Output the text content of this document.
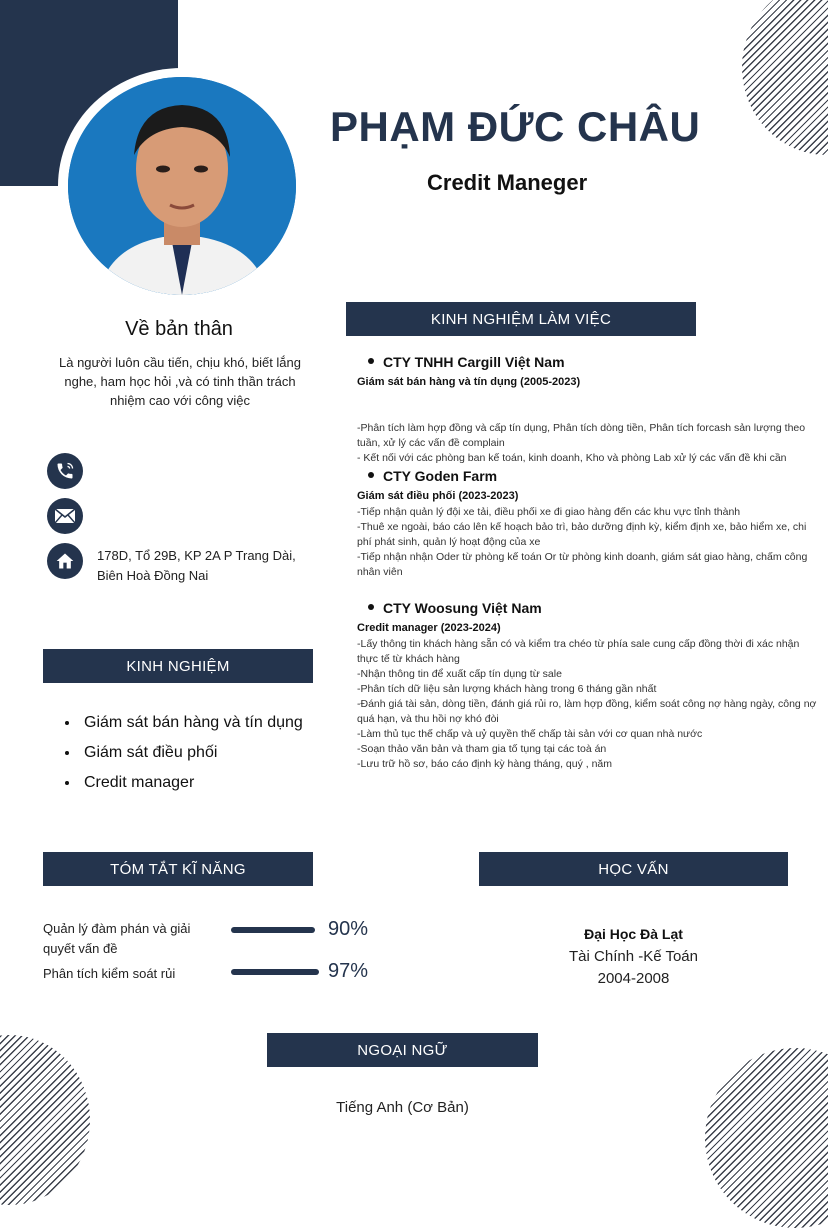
PHẠM ĐỨC CHÂU
Credit Maneger
Về bản thân
Là người luôn cầu tiến, chịu khó, biết lắng nghe, ham học hỏi ,và có tinh thần trách nhiệm cao với công việc
178D, Tổ 29B, KP 2A P Trang Dài, Biên Hoà Đồng Nai
KINH NGHIỆM LÀM VIỆC
CTY TNHH Cargill Việt Nam
Giám sát bán hàng và tín dụng (2005-2023)
-Phân tích làm hợp đồng và cấp tín dụng, Phân tích dòng tiền, Phân tích forcash sản lượng theo tuần, xử lý các vấn đề complain
- Kết nối với các phòng ban kế toán, kinh doanh, Kho và phòng Lab xử lý các vấn đề khi cần
CTY Goden Farm
Giám sát điều phối (2023-2023)
-Tiếp nhận quản lý đội xe tải, điều phối xe đi giao hàng đến các khu vực tỉnh thành
-Thuê xe ngoài, báo cáo lên kế hoạch bảo trì, bảo dưỡng định kỳ, kiểm định xe, bảo hiểm xe, chi phí phát sinh, quản lý hoạt động của xe
-Tiếp nhận nhận Oder từ phòng kế toán Or từ phòng kinh doanh, giám sát giao hàng, chấm công nhân viên
CTY Woosung Việt Nam
Credit manager (2023-2024)
-Lấy thông tin khách hàng sẵn có và kiểm tra chéo từ phía sale cung cấp đồng thời đi xác nhận thực tế từ khách hàng
-Nhận thông tin để xuất cấp tín dụng từ sale
-Phân tích dữ liệu sản lượng khách hàng trong 6 tháng gần nhất
-Đánh giá tài sản, dòng tiền, đánh giá rủi ro, làm hợp đồng, kiểm soát công nợ hàng ngày, công nợ quá hạn, và thu hồi nợ khó đòi
-Làm thủ tục thế chấp và uỷ quyền thế chấp tài sản với cơ quan nhà nước
-Soạn thảo văn bản và tham gia tố tụng tại các toà án
-Lưu trữ hồ sơ, báo cáo định kỳ hàng tháng, quý , năm
KINH NGHIỆM
• Giám sát bán hàng và tín dụng
• Giám sát điều phối
• Credit manager
TÓM TẮT KĨ NĂNG
Quản lý đàm phán và giải quyết vấn đề
90%
Phân tích kiểm soát rủi	97%
HỌC VẤN
Đại Học Đà Lạt
Tài Chính -Kế Toán
2004-2008
NGOẠI NGỮ
Tiếng Anh (Cơ Bản)
